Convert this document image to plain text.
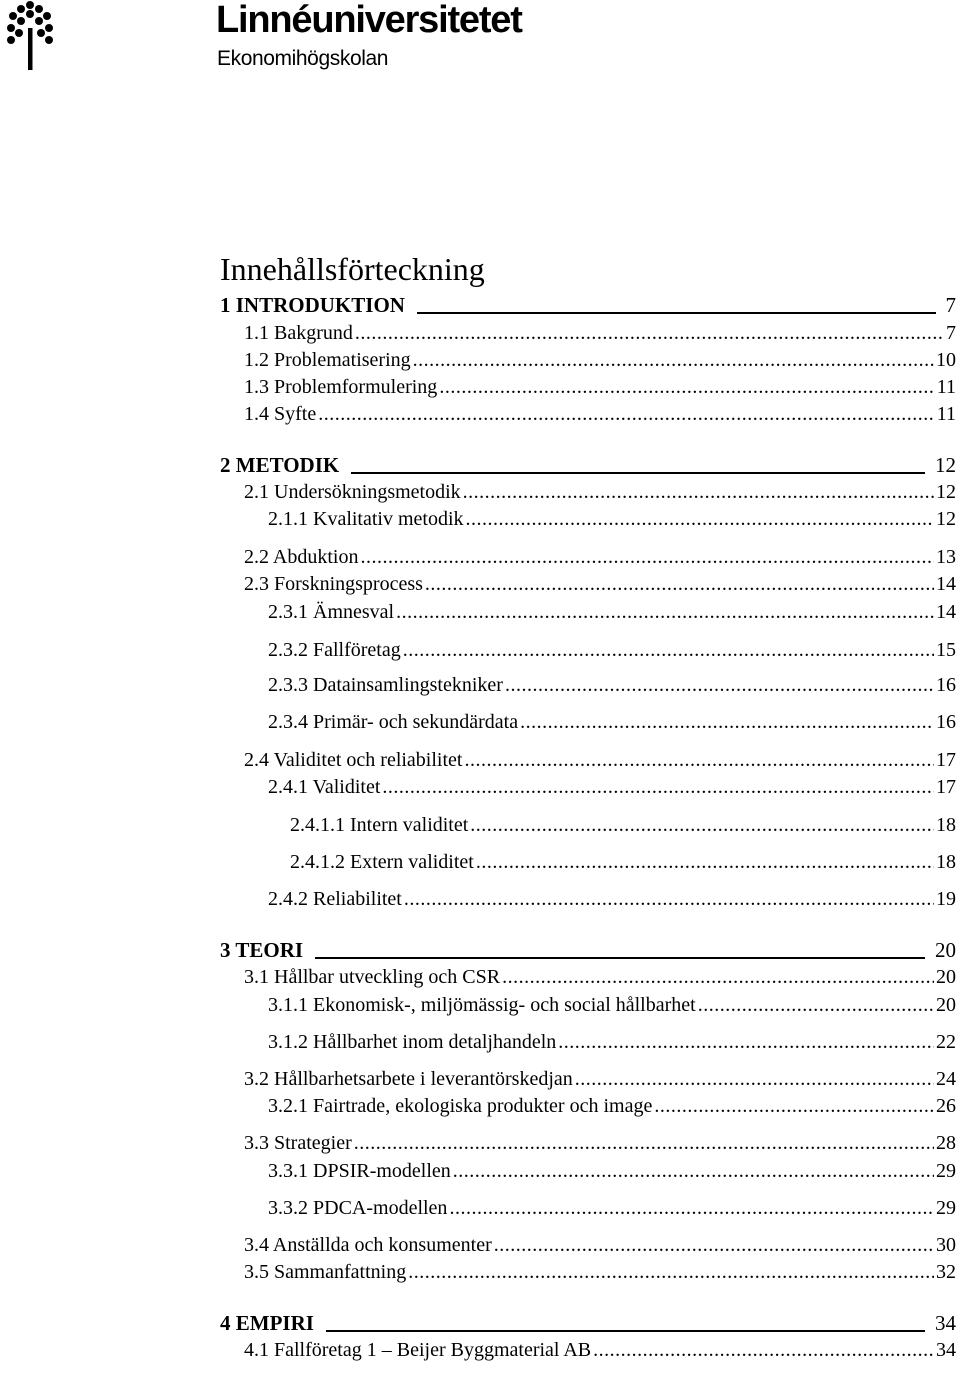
Linnéuniversitetet
Ekonomihögskolan
Innehållsförteckning
1 INTRODUKTION	7
1.1 Bakgrund .....	7
1.2 Problematisering .....	10
1.3 Problemformulering .....	11
1.4 Syfte .....	11
2 METODIK	12
2.1 Undersökningsmetodik .....	12
2.1.1 Kvalitativ metodik .....	12
2.2 Abduktion .....	13
2.3 Forskningsprocess .....	14
2.3.1 Ämnesval .....	14
2.3.2 Fallföretag .....	15
2.3.3 Datainsamlingstekniker .....	16
2.3.4 Primär- och sekundärdata .....	16
2.4 Validitet och reliabilitet .....	17
2.4.1 Validitet .....	17
2.4.1.1 Intern validitet .....	18
2.4.1.2 Extern validitet .....	18
2.4.2 Reliabilitet .....	19
3 TEORI	20
3.1 Hållbar utveckling och CSR .....	20
3.1.1 Ekonomisk-, miljömässig- och social hållbarhet .....	20
3.1.2 Hållbarhet inom detaljhandeln .....	22
3.2 Hållbarhetsarbete i leverantörskedjan .....	24
3.2.1 Fairtrade, ekologiska produkter och image .....	26
3.3 Strategier .....	28
3.3.1 DPSIR-modellen .....	29
3.3.2 PDCA-modellen .....	29
3.4 Anställda och konsumenter .....	30
3.5 Sammanfattning .....	32
4 EMPIRI	34
4.1 Fallföretag 1 – Beijer Byggmaterial AB .....	34
